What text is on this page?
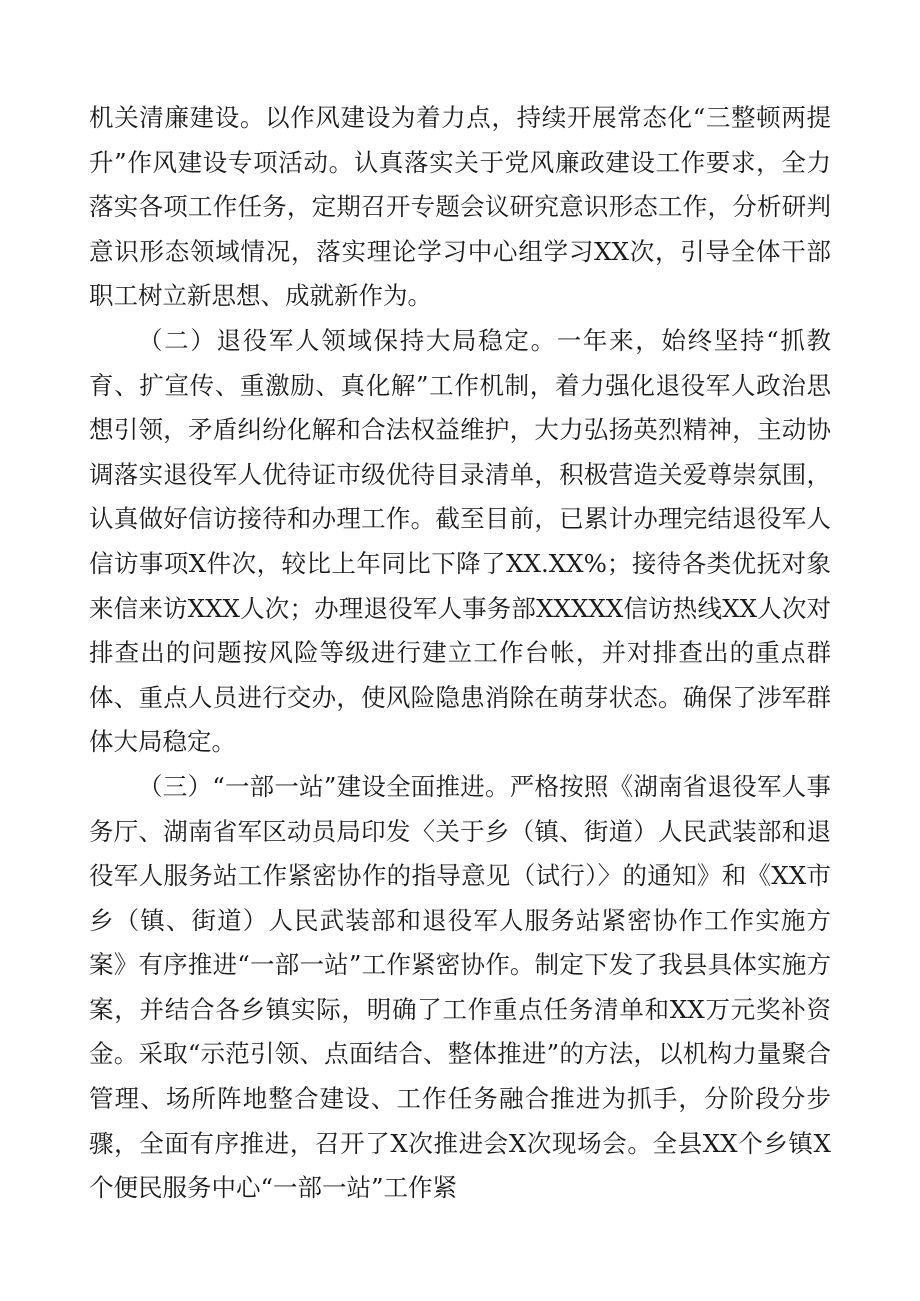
机关清廉建设。以作风建设为着力点，持续开展常态化“三整顿两提升”作风建设专项活动。认真落实关于党风廉政建设工作要求，全力落实各项工作任务，定期召开专题会议研究意识形态工作，分析研判意识形态领域情况，落实理论学习中心组学习XX次，引导全体干部职工树立新思想、成就新作为。

（二）退役军人领域保持大局稳定。一年来，始终坚持“抓教育、扩宣传、重激励、真化解”工作机制，着力强化退役军人政治思想引领，矛盾纠纷化解和合法权益维护，大力弘扬英烈精神，主动协调落实退役军人优待证市级优待目录清单，积极营造关爱尊崇氛围，认真做好信访接待和办理工作。截至目前，已累计办理完结退役军人信访事项X件次，较比上年同比下降了XX.XX%；接待各类优抚对象来信来访XXX人次；办理退役军人事务部XXXXX信访热线XX人次对排查出的问题按风险等级进行建立工作台帐，并对排查出的重点群体、重点人员进行交办，使风险隐患消除在萌芽状态。确保了涉军群体大局稳定。

（三）“一部一站”建设全面推进。严格按照《湖南省退役军人事务厅、湖南省军区动员局印发〈关于乡（镇、街道）人民武装部和退役军人服务站工作紧密协作的指导意见（试行）〉的通知》和《XX市乡（镇、街道）人民武装部和退役军人服务站紧密协作工作实施方案》有序推进“一部一站”工作紧密协作。制定下发了我县具体实施方案，并结合各乡镇实际，明确了工作重点任务清单和XX万元奖补资金。采取“示范引领、点面结合、整体推进”的方法，以机构力量聚合管理、场所阵地整合建设、工作任务融合推进为抓手，分阶段分步骤，全面有序推进，召开了X次推进会X次现场会。全县XX个乡镇X个便民服务中心“一部一站”工作紧
